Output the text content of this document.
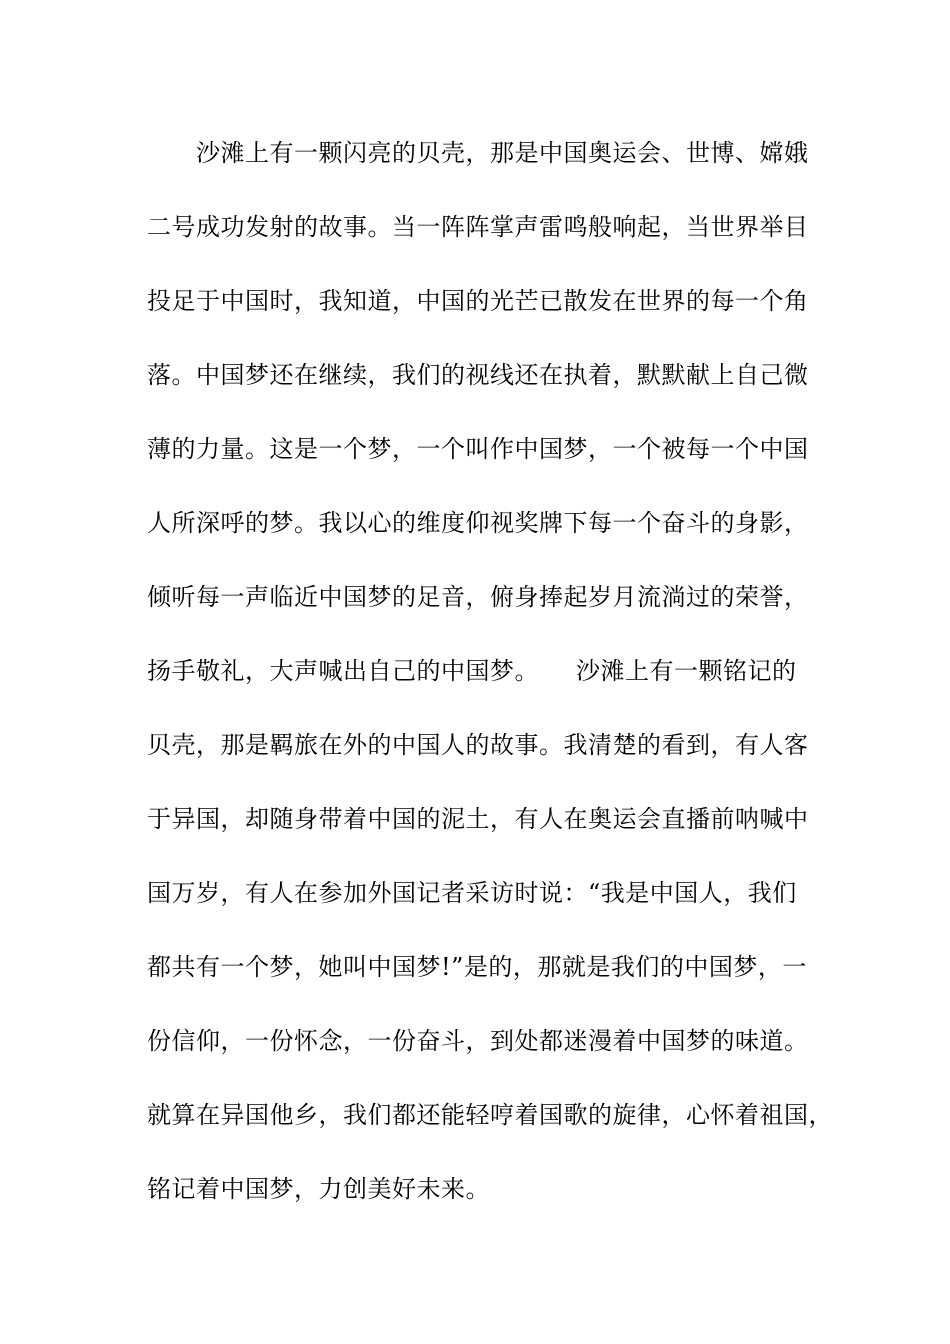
　　沙滩上有一颗闪亮的贝壳，那是中国奥运会、世博、嫦娥
二号成功发射的故事。当一阵阵掌声雷鸣般响起，当世界举目
投足于中国时，我知道，中国的光芒已散发在世界的每一个角
落。中国梦还在继续，我们的视线还在执着，默默献上自己微
薄的力量。这是一个梦，一个叫作中国梦，一个被每一个中国
人所深呼的梦。我以心的维度仰视奖牌下每一个奋斗的身影，
倾听每一声临近中国梦的足音，俯身捧起岁月流淌过的荣誉，
扬手敬礼，大声喊出自己的中国梦。　　沙滩上有一颗铭记的
贝壳，那是羁旅在外的中国人的故事。我清楚的看到，有人客
于异国，却随身带着中国的泥土，有人在奥运会直播前呐喊中
国万岁，有人在参加外国记者采访时说：“我是中国人，我们
都共有一个梦，她叫中国梦!”是的，那就是我们的中国梦，一
份信仰，一份怀念，一份奋斗，到处都迷漫着中国梦的味道。
就算在异国他乡，我们都还能轻哼着国歌的旋律，心怀着祖国，
铭记着中国梦，力创美好未来。
